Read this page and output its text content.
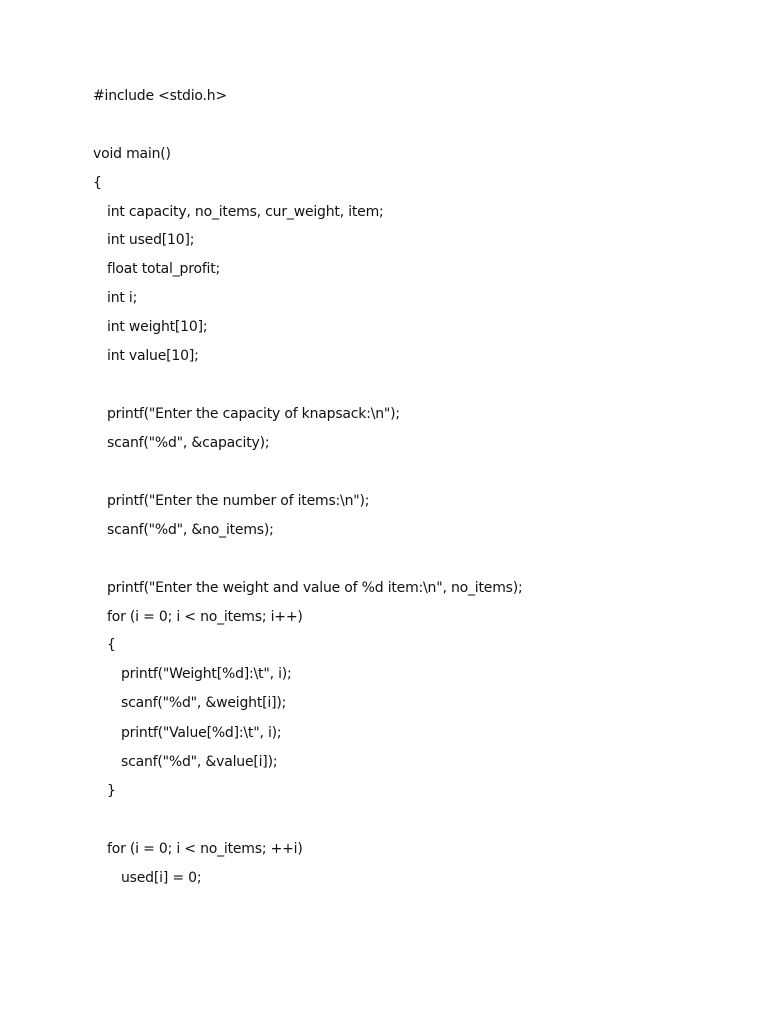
#include <stdio.h>
void main()
{
int capacity, no_items, cur_weight, item;
int used[10];
float total_profit;
int i;
int weight[10];
int value[10];
printf("Enter the capacity of knapsack:\n");
scanf("%d", &capacity);
printf("Enter the number of items:\n");
scanf("%d", &no_items);
printf("Enter the weight and value of %d item:\n", no_items);
for (i = 0; i < no_items; i++)
{
printf("Weight[%d]:\t", i);
scanf("%d", &weight[i]);
printf("Value[%d]:\t", i);
scanf("%d", &value[i]);
}
for (i = 0; i < no_items; ++i)
used[i] = 0;
